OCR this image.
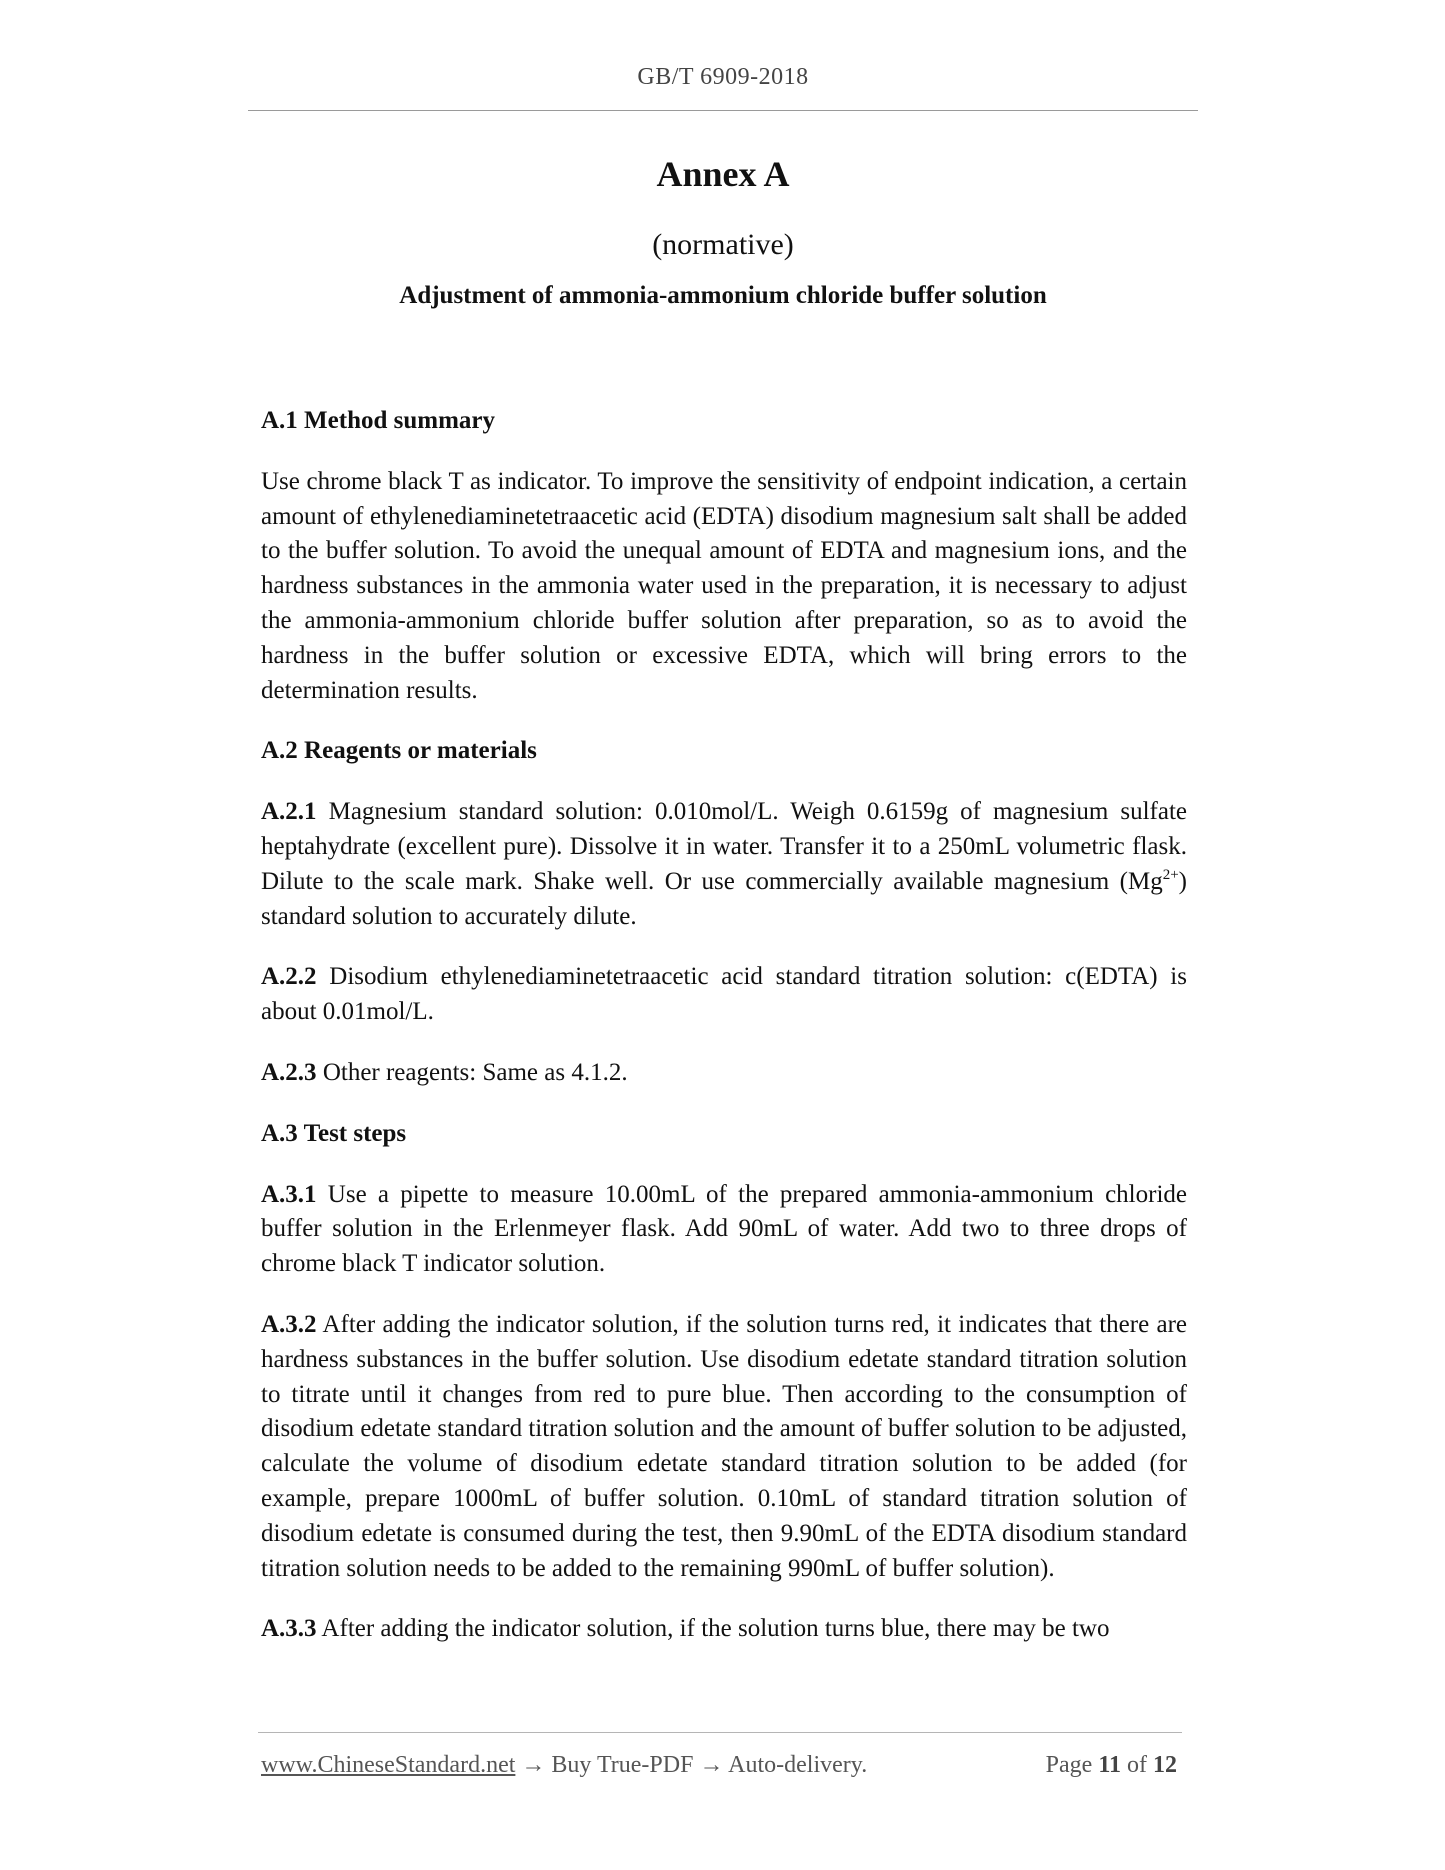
GB/T 6909-2018
Annex A
(normative)
Adjustment of ammonia-ammonium chloride buffer solution

A.1 Method summary

Use chrome black T as indicator. To improve the sensitivity of endpoint indication, a certain amount of ethylenediaminetetraacetic acid (EDTA) disodium magnesium salt shall be added to the buffer solution. To avoid the unequal amount of EDTA and magnesium ions, and the hardness substances in the ammonia water used in the preparation, it is necessary to adjust the ammonia-ammonium chloride buffer solution after preparation, so as to avoid the hardness in the buffer solution or excessive EDTA, which will bring errors to the determination results.

A.2 Reagents or materials

A.2.1 Magnesium standard solution: 0.010mol/L. Weigh 0.6159g of magnesium sulfate heptahydrate (excellent pure). Dissolve it in water. Transfer it to a 250mL volumetric flask. Dilute to the scale mark. Shake well. Or use commercially available magnesium $(Mg^{2+})$ standard solution to accurately dilute.

A.2.2 Disodium ethylenediaminetetraacetic acid standard titration solution: c(EDTA) is about 0.01mol/L.

A.2.3 Other reagents: Same as 4.1.2.

A.3 Test steps

A.3.1 Use a pipette to measure 10.00mL of the prepared ammonia-ammonium chloride buffer solution in the Erlenmeyer flask. Add 90mL of water. Add two to three drops of chrome black T indicator solution.

A.3.2 After adding the indicator solution, if the solution turns red, it indicates that there are hardness substances in the buffer solution. Use disodium edetate standard titration solution to titrate until it changes from red to pure blue. Then according to the consumption of disodium edetate standard titration solution and the amount of buffer solution to be adjusted, calculate the volume of disodium edetate standard titration solution to be added (for example, prepare 1000mL of buffer solution. 0.10mL of standard titration solution of disodium edetate is consumed during the test, then 9.90mL of the EDTA disodium standard titration solution needs to be added to the remaining 990mL of buffer solution).

A.3.3 After adding the indicator solution, if the solution turns blue, there may be two

www.ChineseStandard.net → Buy True-PDF → Auto-delivery.	Page 11 of 12
